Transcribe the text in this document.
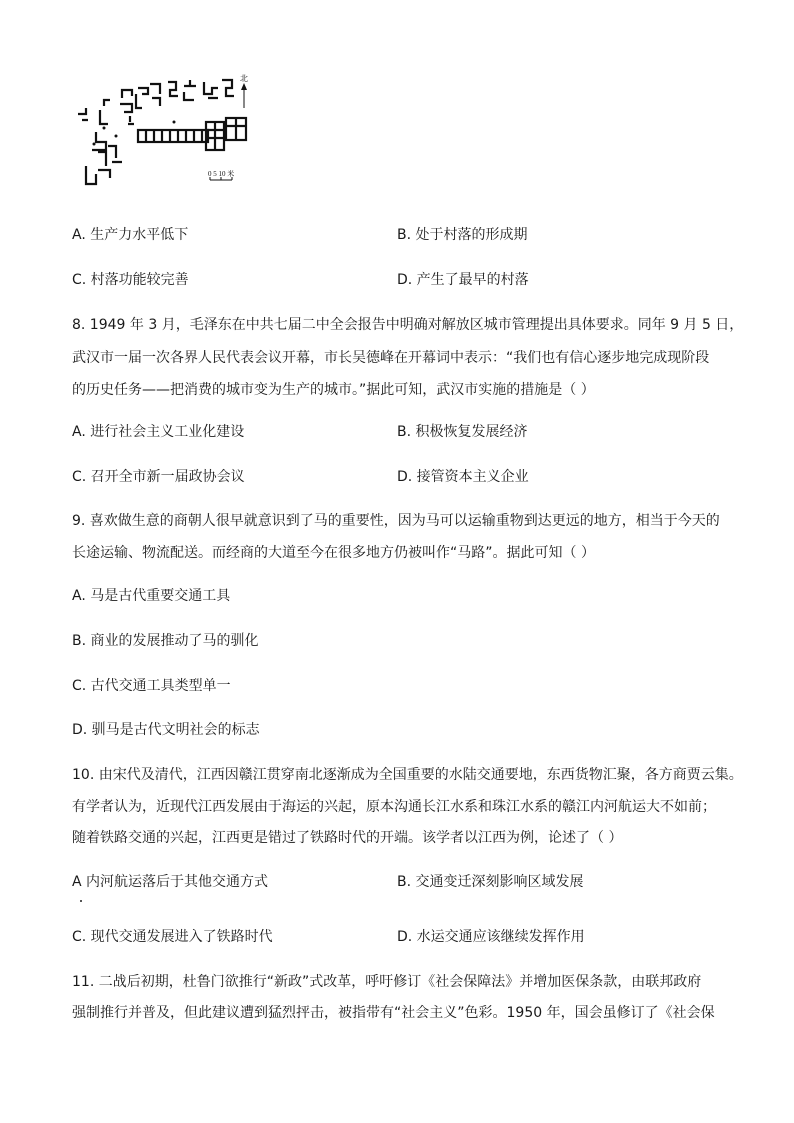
北
0 5 10 米
A. 生产力水平低下	B. 处于村落的形成期
C. 村落功能较完善	D. 产生了最早的村落
8. 1949 年 3 月，毛泽东在中共七届二中全会报告中明确对解放区城市管理提出具体要求。同年 9 月 5 日，
武汉市一届一次各界人民代表会议开幕，市长吴德峰在开幕词中表示：“我们也有信心逐步地完成现阶段
的历史任务——把消费的城市变为生产的城市。”据此可知，武汉市实施的措施是（ ）
A. 进行社会主义工业化建设	B. 积极恢复发展经济
C. 召开全市新一届政协会议	D. 接管资本主义企业
9. 喜欢做生意的商朝人很早就意识到了马的重要性，因为马可以运输重物到达更远的地方，相当于今天的
长途运输、物流配送。而经商的大道至今在很多地方仍被叫作“马路”。据此可知（ ）
A. 马是古代重要交通工具
B. 商业的发展推动了马的驯化
C. 古代交通工具类型单一
D. 驯马是古代文明社会的标志
10. 由宋代及清代，江西因赣江贯穿南北逐渐成为全国重要的水陆交通要地，东西货物汇聚，各方商贾云集。
有学者认为，近现代江西发展由于海运的兴起，原本沟通长江水系和珠江水系的赣江内河航运大不如前；
随着铁路交通的兴起，江西更是错过了铁路时代的开端。该学者以江西为例，论述了（ ）
A 内河航运落后于其他交通方式	B. 交通变迁深刻影响区域发展
C. 现代交通发展进入了铁路时代	D. 水运交通应该继续发挥作用
11. 二战后初期，杜鲁门欲推行“新政”式改革，呼吁修订《社会保障法》并增加医保条款，由联邦政府
强制推行并普及，但此建议遭到猛烈抨击，被指带有“社会主义”色彩。1950 年，国会虽修订了《社会保
